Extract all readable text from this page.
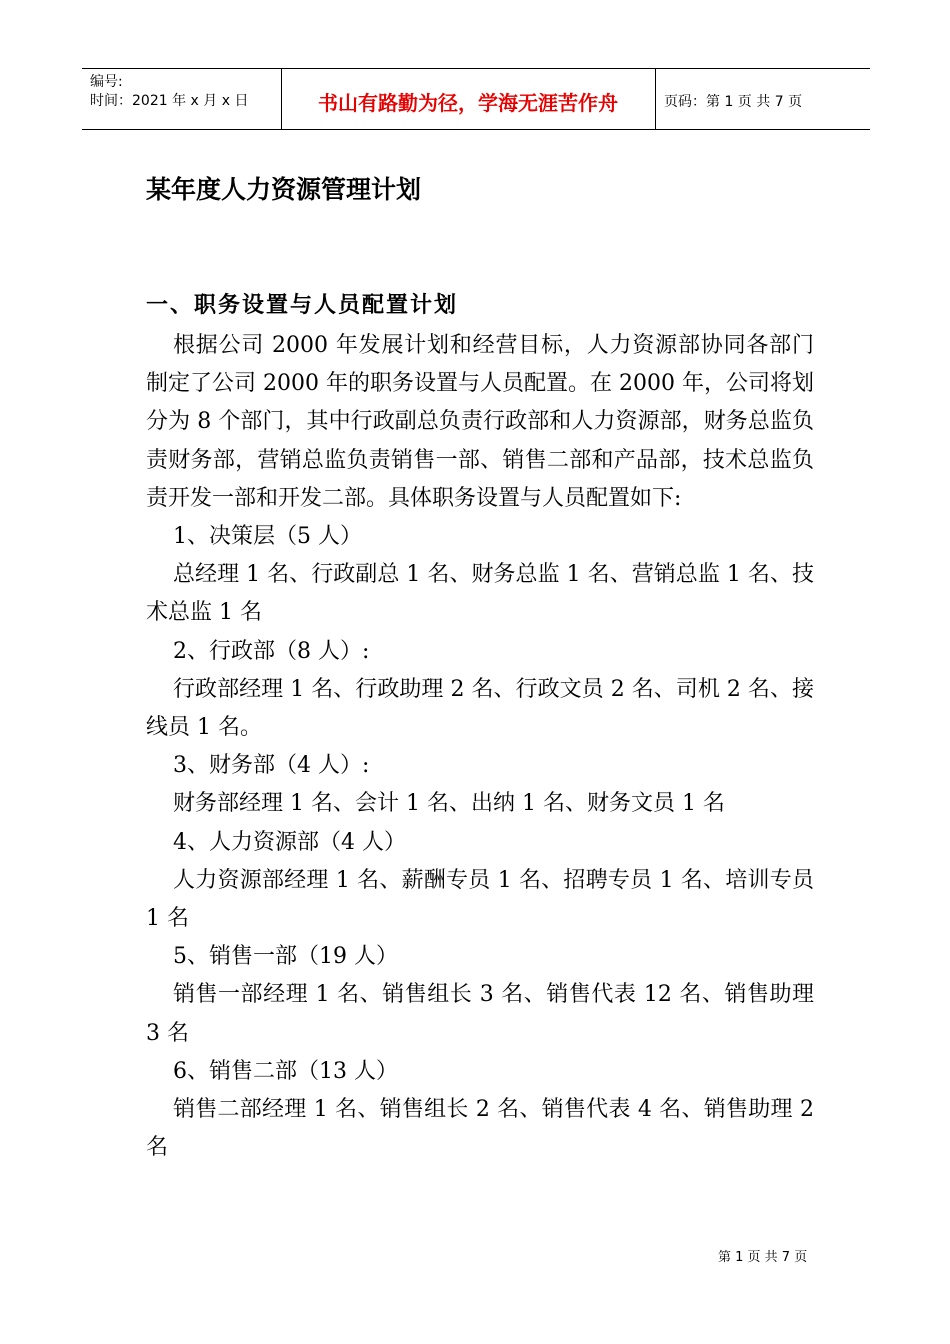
编号:
时间：2021 年 x 月 x 日	书山有路勤为径，学海无涯苦作舟	页码：第 1 页 共 7 页
某年度人力资源管理计划
一、职务设置与人员配置计划

根据公司 2000 年发展计划和经营目标，人力资源部协同各部门制定了公司 2000 年的职务设置与人员配置。在 2000 年，公司将划分为 8 个部门，其中行政副总负责行政部和人力资源部，财务总监负责财务部，营销总监负责销售一部、销售二部和产品部，技术总监负责开发一部和开发二部。具体职务设置与人员配置如下:

1、决策层（5 人）

总经理 1 名、行政副总 1 名、财务总监 1 名、营销总监 1 名、技术总监 1 名

2、行政部（8 人）:

行政部经理 1 名、行政助理 2 名、行政文员 2 名、司机 2 名、接线员 1 名。

3、财务部（4 人）:

财务部经理 1 名、会计 1 名、出纳 1 名、财务文员 1 名

4、人力资源部（4 人）

人力资源部经理 1 名、薪酬专员 1 名、招聘专员 1 名、培训专员 1 名

5、销售一部（19 人）

销售一部经理 1 名、销售组长 3 名、销售代表 12 名、销售助理 3 名

6、销售二部（13 人）

销售二部经理 1 名、销售组长 2 名、销售代表 4 名、销售助理 2 名

第 1 页 共 7 页
